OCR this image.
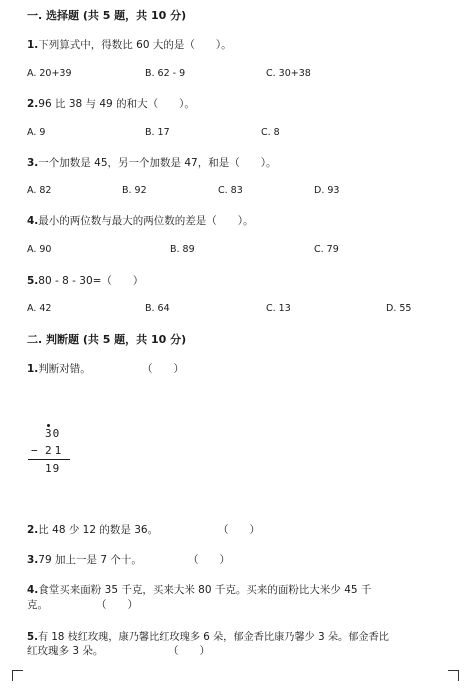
一. 选择题 (共 5 题，共 10 分)
1.下列算式中，得数比 60 大的是（　　）。
A. 20+39	B. 62 - 9	C. 30+38
2.96 比 38 与 49 的和大（　　）。
A. 9	B. 17	C. 8
3.一个加数是 45，另一个加数是 47，和是（　　）。
A. 82	B. 92	C. 83	D. 93
4.最小的两位数与最大的两位数的差是（　　）。
A. 90	B. 89	C. 79
5.80 - 8 - 30=（　　）
A. 42	B. 64	C. 13	D. 55
二. 判断题 (共 5 题，共 10 分)
1.判断对错。	（　　）
30
− 21
19
2.比 48 少 12 的数是 36。	（　　）
3.79 加上一是 7 个十。	（　　）
4.食堂买来面粉 35 千克，买来大米 80 千克。买来的面粉比大米少 45 千
克。	（　　）
5.有 18 枝红玫瑰，康乃馨比红玫瑰多 6 朵，郁金香比康乃馨少 3 朵。郁金香比
红玫瑰多 3 朵。	（　　）
